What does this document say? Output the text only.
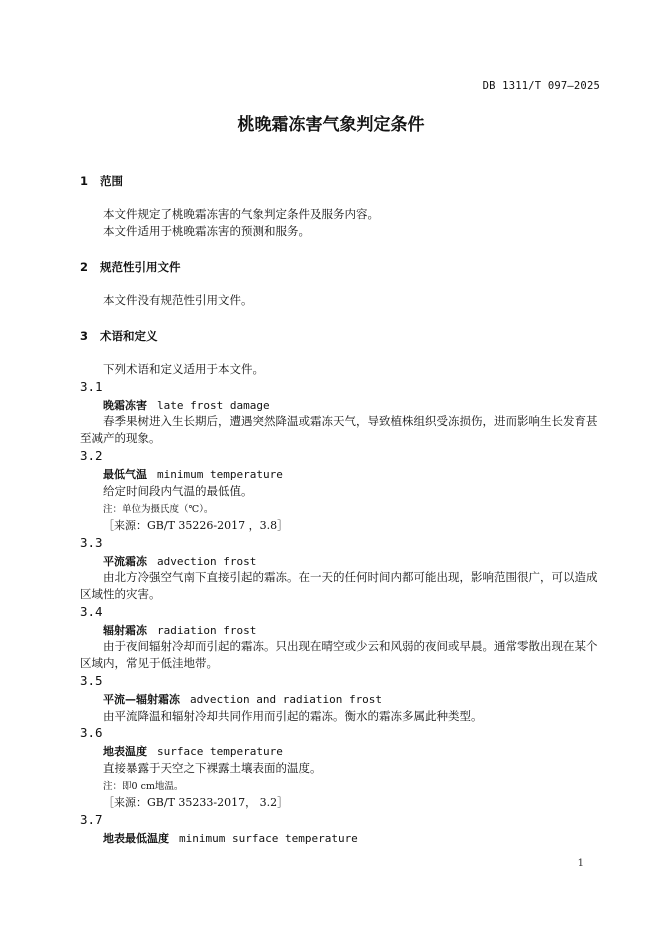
DB 1311/T 097—2025
桃晚霜冻害气象判定条件
1 范围
本文件规定了桃晚霜冻害的气象判定条件及服务内容。
本文件适用于桃晚霜冻害的预测和服务。
2 规范性引用文件
本文件没有规范性引用文件。
3 术语和定义
下列术语和定义适用于本文件。
3.1
晚霜冻害 late frost damage
春季果树进入生长期后，遭遇突然降温或霜冻天气，导致植株组织受冻损伤，进而影响生长发育甚至减产的现象。
3.2
最低气温 minimum temperature
给定时间段内气温的最低值。
注：单位为摄氏度（℃）。
［来源：GB/T 35226-2017 ，3.8］
3.3
平流霜冻 advection frost
由北方冷强空气南下直接引起的霜冻。在一天的任何时间内都可能出现，影响范围很广，可以造成区域性的灾害。
3.4
辐射霜冻 radiation frost
由于夜间辐射冷却而引起的霜冻。只出现在晴空或少云和风弱的夜间或早晨。通常零散出现在某个区域内，常见于低洼地带。
3.5
平流—辐射霜冻 advection and radiation frost
由平流降温和辐射冷却共同作用而引起的霜冻。衡水的霜冻多属此种类型。
3.6
地表温度 surface temperature
直接暴露于天空之下裸露土壤表面的温度。
注：即0 cm地温。
［来源：GB/T 35233-2017， 3.2］
3.7
地表最低温度 minimum surface temperature
1
